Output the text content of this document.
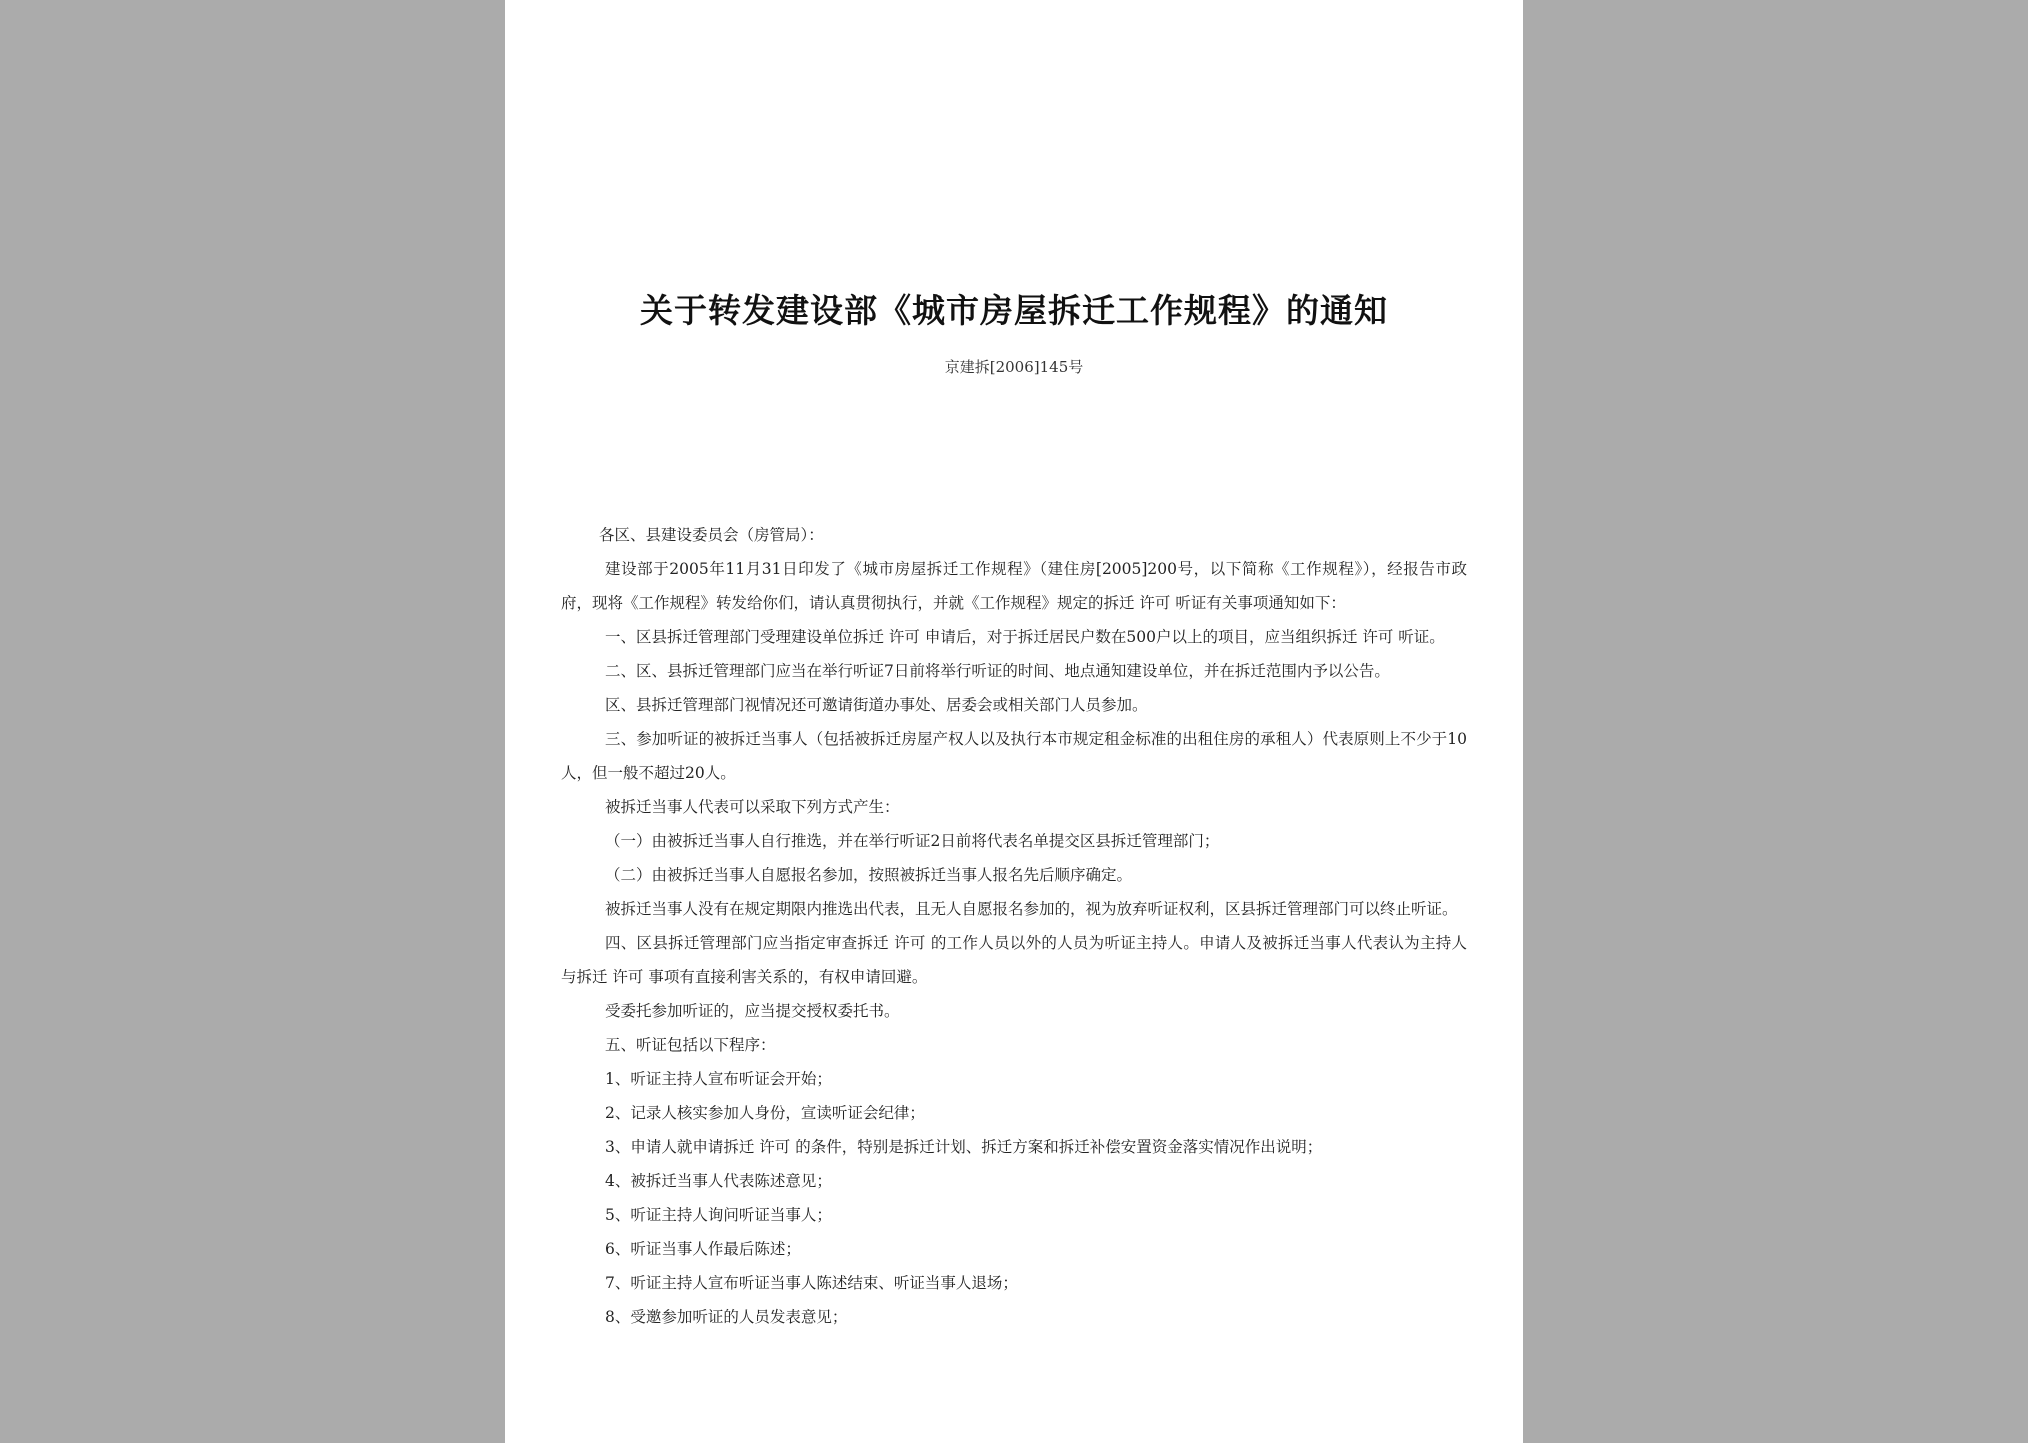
关于转发建设部《城市房屋拆迁工作规程》的通知
京建拆[2006]145号

各区、县建设委员会（房管局）：

建设部于2005年11月31日印发了《城市房屋拆迁工作规程》（建住房[2005]200号，以下简称《工作规程》），经报告市政府，现将《工作规程》转发给你们，请认真贯彻执行，并就《工作规程》规定的拆迁 许可 听证有关事项通知如下：

一、区县拆迁管理部门受理建设单位拆迁 许可 申请后，对于拆迁居民户数在500户以上的项目，应当组织拆迁 许可 听证。

二、区、县拆迁管理部门应当在举行听证7日前将举行听证的时间、地点通知建设单位，并在拆迁范围内予以公告。

区、县拆迁管理部门视情况还可邀请街道办事处、居委会或相关部门人员参加。

三、参加听证的被拆迁当事人（包括被拆迁房屋产权人以及执行本市规定租金标准的出租住房的承租人）代表原则上不少于10人，但一般不超过20人。

被拆迁当事人代表可以采取下列方式产生：

（一）由被拆迁当事人自行推选，并在举行听证2日前将代表名单提交区县拆迁管理部门；

（二）由被拆迁当事人自愿报名参加，按照被拆迁当事人报名先后顺序确定。

被拆迁当事人没有在规定期限内推选出代表，且无人自愿报名参加的，视为放弃听证权利，区县拆迁管理部门可以终止听证。

四、区县拆迁管理部门应当指定审查拆迁 许可 的工作人员以外的人员为听证主持人。申请人及被拆迁当事人代表认为主持人与拆迁 许可 事项有直接利害关系的，有权申请回避。

受委托参加听证的，应当提交授权委托书。

五、听证包括以下程序：

1、听证主持人宣布听证会开始；

2、记录人核实参加人身份，宣读听证会纪律；

3、申请人就申请拆迁 许可 的条件，特别是拆迁计划、拆迁方案和拆迁补偿安置资金落实情况作出说明；

4、被拆迁当事人代表陈述意见；

5、听证主持人询问听证当事人；

6、听证当事人作最后陈述；

7、听证主持人宣布听证当事人陈述结束、听证当事人退场；

8、受邀参加听证的人员发表意见；
